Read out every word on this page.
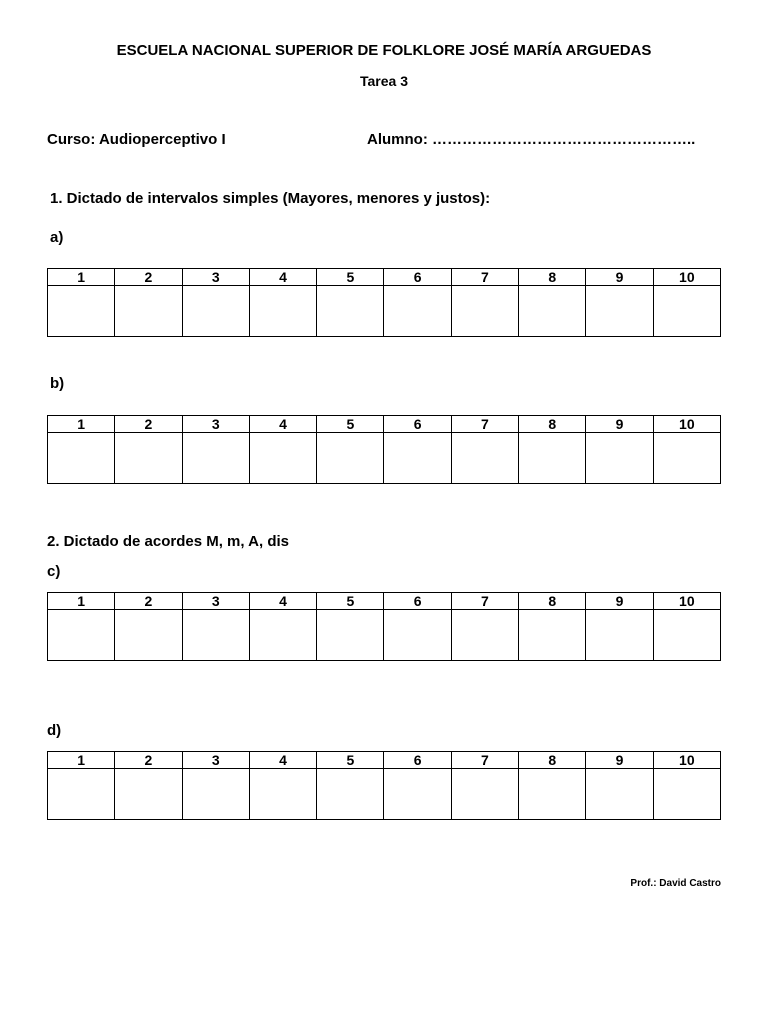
ESCUELA NACIONAL SUPERIOR DE FOLKLORE JOSÉ MARÍA ARGUEDAS
Tarea 3
Curso: Audioperceptivo I	Alumno: ……………………………………………..
1. Dictado de intervalos simples (Mayores, menores y justos):
a)
1	2	3	4	5	6	7	8	9	10

b)
1	2	3	4	5	6	7	8	9	10

2. Dictado de acordes M, m, A, dis
c)
1	2	3	4	5	6	7	8	9	10

d)
1	2	3	4	5	6	7	8	9	10

Prof.: David Castro
